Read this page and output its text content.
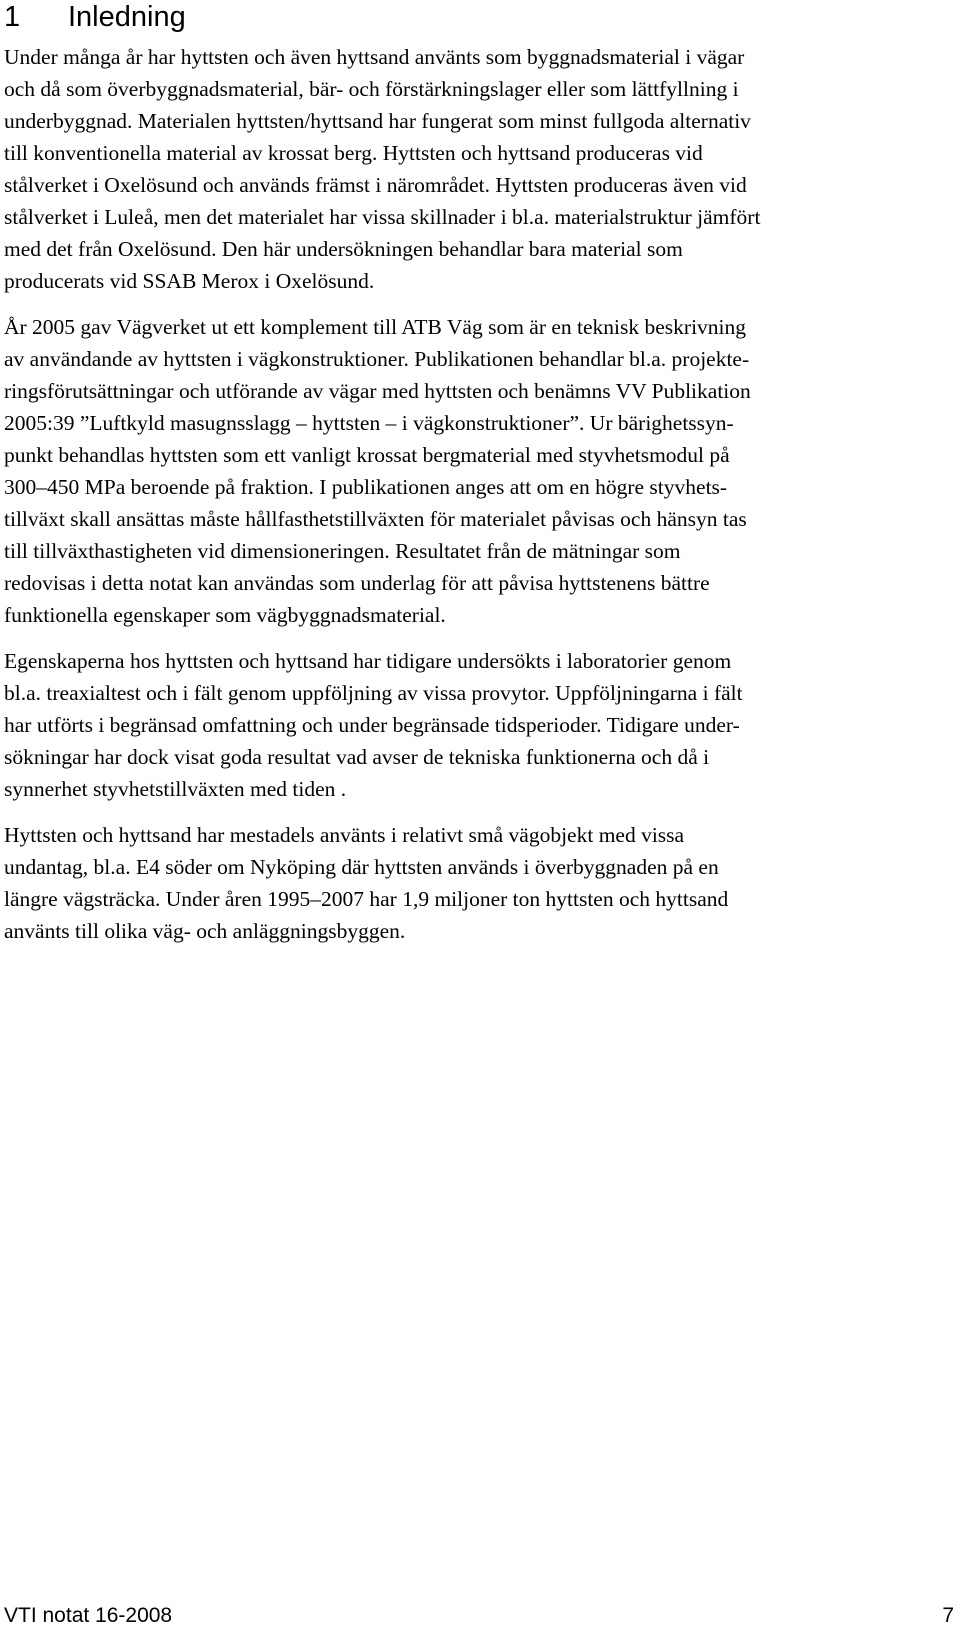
1 Inledning

Under många år har hyttsten och även hyttsand använts som byggnadsmaterial i vägar
och då som överbyggnadsmaterial, bär- och förstärkningslager eller som lättfyllning i
underbyggnad. Materialen hyttsten/hyttsand har fungerat som minst fullgoda alternativ
till konventionella material av krossat berg. Hyttsten och hyttsand produceras vid
stålverket i Oxelösund och används främst i närområdet. Hyttsten produceras även vid
stålverket i Luleå, men det materialet har vissa skillnader i bl.a. materialstruktur jämfört
med det från Oxelösund. Den här undersökningen behandlar bara material som
producerats vid SSAB Merox i Oxelösund.

År 2005 gav Vägverket ut ett komplement till ATB Väg som är en teknisk beskrivning
av användande av hyttsten i vägkonstruktioner. Publikationen behandlar bl.a. projekte-
ringsförutsättningar och utförande av vägar med hyttsten och benämns VV Publikation
2005:39 ”Luftkyld masugnsslagg – hyttsten – i vägkonstruktioner”. Ur bärighetssyn-
punkt behandlas hyttsten som ett vanligt krossat bergmaterial med styvhetsmodul på
300–450 MPa beroende på fraktion. I publikationen anges att om en högre styvhets-
tillväxt skall ansättas måste hållfasthetstillväxten för materialet påvisas och hänsyn tas
till tillväxthastigheten vid dimensioneringen. Resultatet från de mätningar som
redovisas i detta notat kan användas som underlag för att påvisa hyttstenens bättre
funktionella egenskaper som vägbyggnadsmaterial.

Egenskaperna hos hyttsten och hyttsand har tidigare undersökts i laboratorier genom
bl.a. treaxialtest och i fält genom uppföljning av vissa provytor. Uppföljningarna i fält
har utförts i begränsad omfattning och under begränsade tidsperioder. Tidigare under-
sökningar har dock visat goda resultat vad avser de tekniska funktionerna och då i
synnerhet styvhetstillväxten med tiden .

Hyttsten och hyttsand har mestadels använts i relativt små vägobjekt med vissa
undantag, bl.a. E4 söder om Nyköping där hyttsten används i överbyggnaden på en
längre vägsträcka. Under åren 1995–2007 har 1,9 miljoner ton hyttsten och hyttsand
använts till olika väg- och anläggningsbyggen.

VTI notat 16-2008	7
